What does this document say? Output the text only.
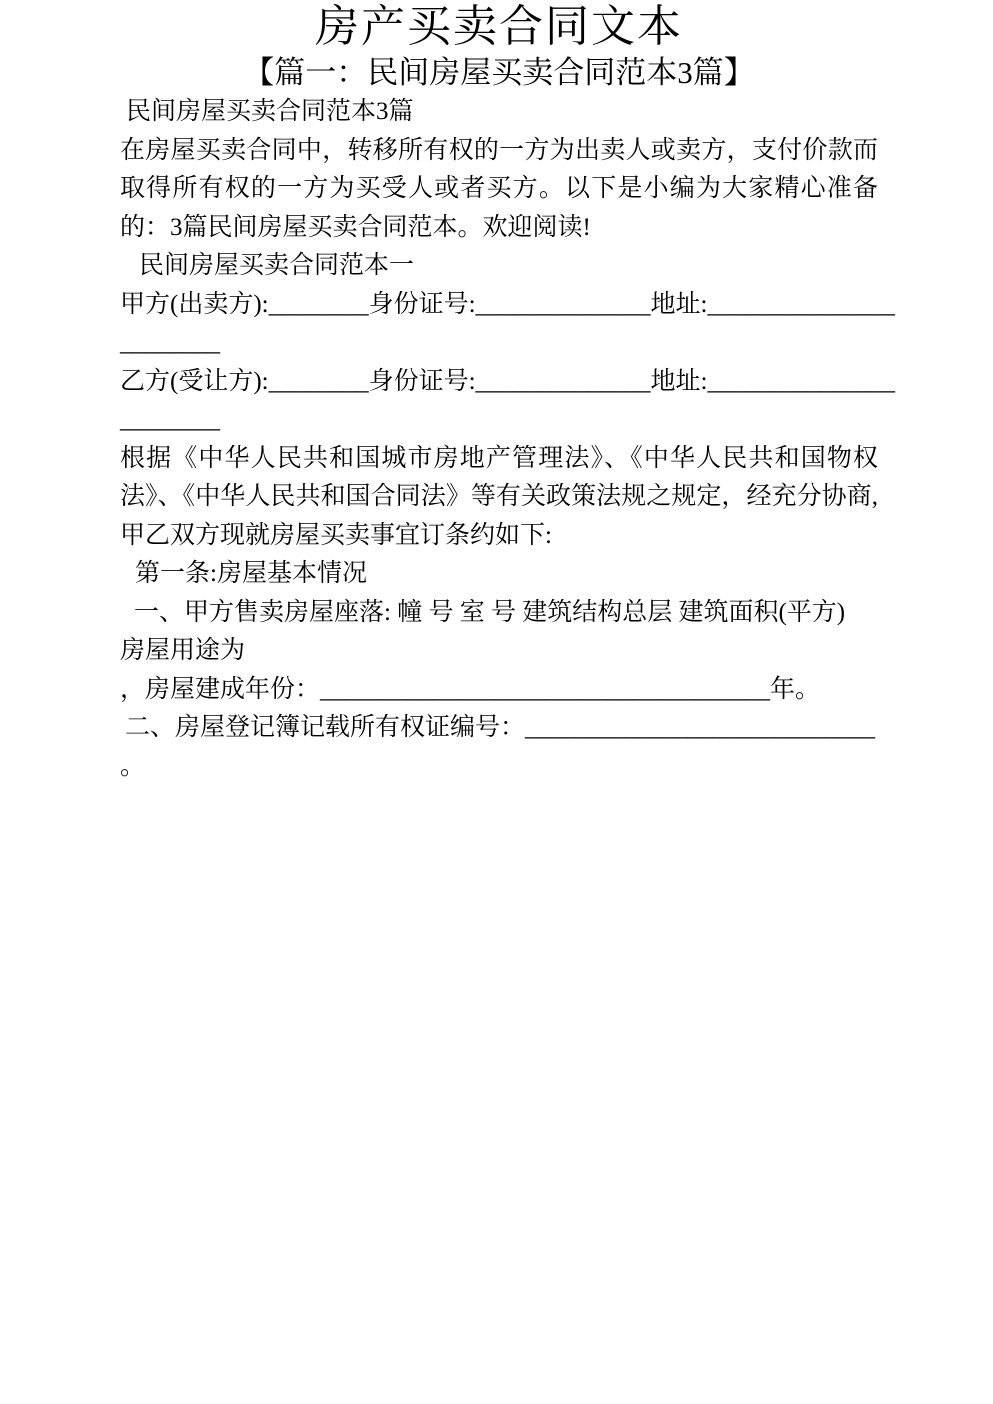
房产买卖合同文本
【篇一：民间房屋买卖合同范本3篇】

民间房屋买卖合同范本3篇

在房屋买卖合同中，转移所有权的一方为出卖人或卖方，支付价款而取得所有权的一方为买受人或者买方。以下是小编为大家精心准备的：3篇民间房屋买卖合同范本。欢迎阅读!

民间房屋买卖合同范本一

甲方(出卖方):________身份证号:______________地址:_______________
________

乙方(受让方):________身份证号:______________地址:_______________
________

根据《中华人民共和国城市房地产管理法》、《中华人民共和国物权法》、《中华人民共和国合同法》等有关政策法规之规定，经充分协商,甲乙双方现就房屋买卖事宜订条约如下:

第一条:房屋基本情况

一、甲方售卖房屋座落: 幢 号 室 号 建筑结构总层 建筑面积(平方)
房屋用途为
，房屋建成年份：____________________________________年。

二、房屋登记簿记载所有权证编号：____________________________

。
